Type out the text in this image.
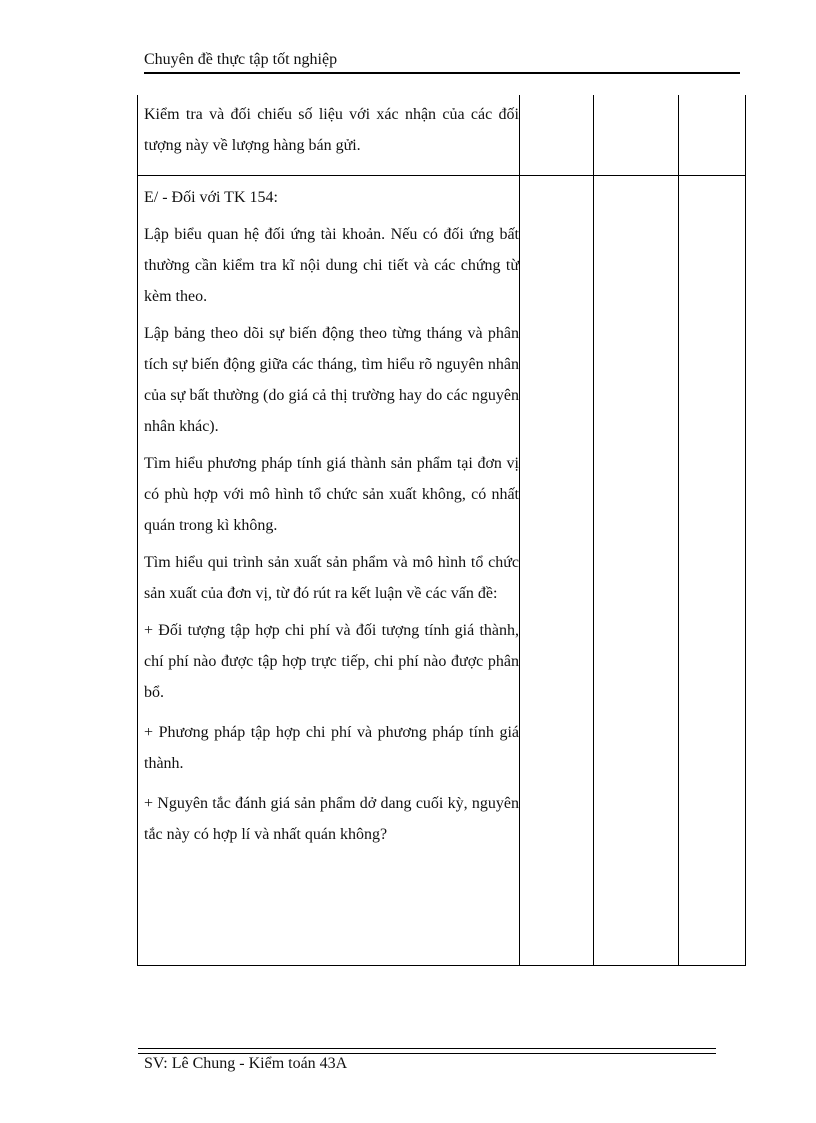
Chuyên đề thực tập tốt nghiệp

Kiểm tra và đối chiếu số liệu với xác nhận của các đối tượng này về lượng hàng bán gửi.

E/ - Đối với TK 154:

Lập biểu quan hệ đối ứng tài khoản. Nếu có đối ứng bất thường cần kiểm tra kĩ nội dung chi tiết và các chứng từ kèm theo.

Lập bảng theo dõi sự biến động theo từng tháng và phân tích sự biến động giữa các tháng, tìm hiểu rõ nguyên nhân của sự bất thường (do giá cả thị trường hay do các nguyên nhân khác).

Tìm hiểu phương pháp tính giá thành sản phẩm tại đơn vị có phù hợp với mô hình tổ chức sản xuất không, có nhất quán trong kì không.

Tìm hiểu qui trình sản xuất sản phẩm và mô hình tổ chức sản xuất của đơn vị, từ đó rút ra kết luận về các vấn đề:

+ Đối tượng tập hợp chi phí và đối tượng tính giá thành, chí phí nào được tập hợp trực tiếp, chi phí nào được phân bổ.

+ Phương pháp tập hợp chi phí và phương pháp tính giá thành.

+ Nguyên tắc đánh giá sản phẩm dở dang cuối kỳ, nguyên tắc này có hợp lí và nhất quán không?

SV: Lê Chung - Kiểm toán 43A
